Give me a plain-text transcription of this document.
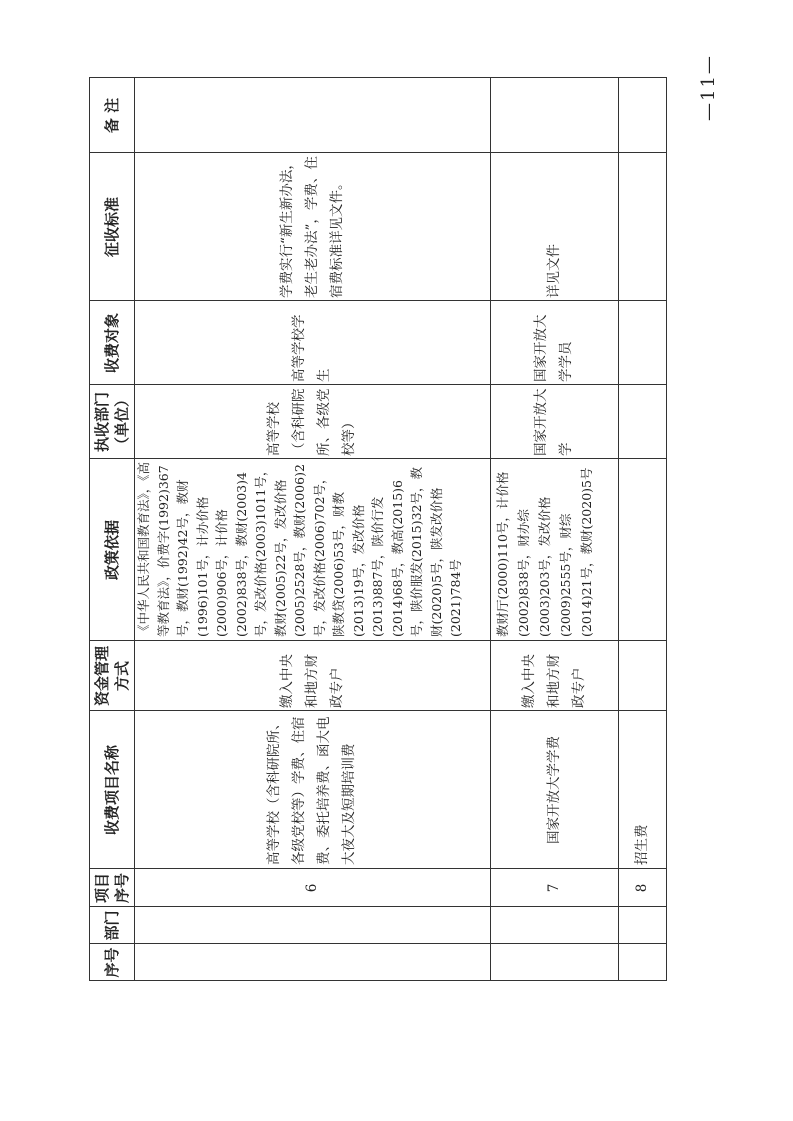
序号
部门
项目
序号
收费项目名称
资金管理
方式
政策依据
执收部门
（单位）
收费对象
征收标准
备 注
6
高等学校（含科研院所、各级党校等）学费、住宿费、委托培养费、函大电大夜大及短期培训费
缴入中央和地方财政专户
《中华人民共和国教育法》，《高等教育法》，价费字(1992)367号，教财(1992)42号，教财(1996)101号，计办价格(2000)906号，计价格(2002)838号，教财(2003)4号，发改价格(2003)1011号，教财(2005)22号，发改价格(2005)2528号，教财(2006)2号，发改价格(2006)702号，陕教贷(2006)53号，财教(2013)19号，发改价格(2013)887号，陕价行发(2014)68号，教高(2015)6号，陕价服发(2015)32号，教财(2020)5号，陕发改价格(2021)784号
高等学校（含科研院所、各级党校等）
高等学校学生
学费实行“新生新办法，老生老办法”，学费、住宿费标准详见文件。
7
国家开放大学学费
缴入中央和地方财政专户
教财厅(2000)110号，计价格(2002)838号，财办综(2003)203号，发改价格(2009)2555号，财综(2014)21号，教财(2020)5号
国家开放大学
国家开放大学学员
详见文件
8
招生费
—11—
